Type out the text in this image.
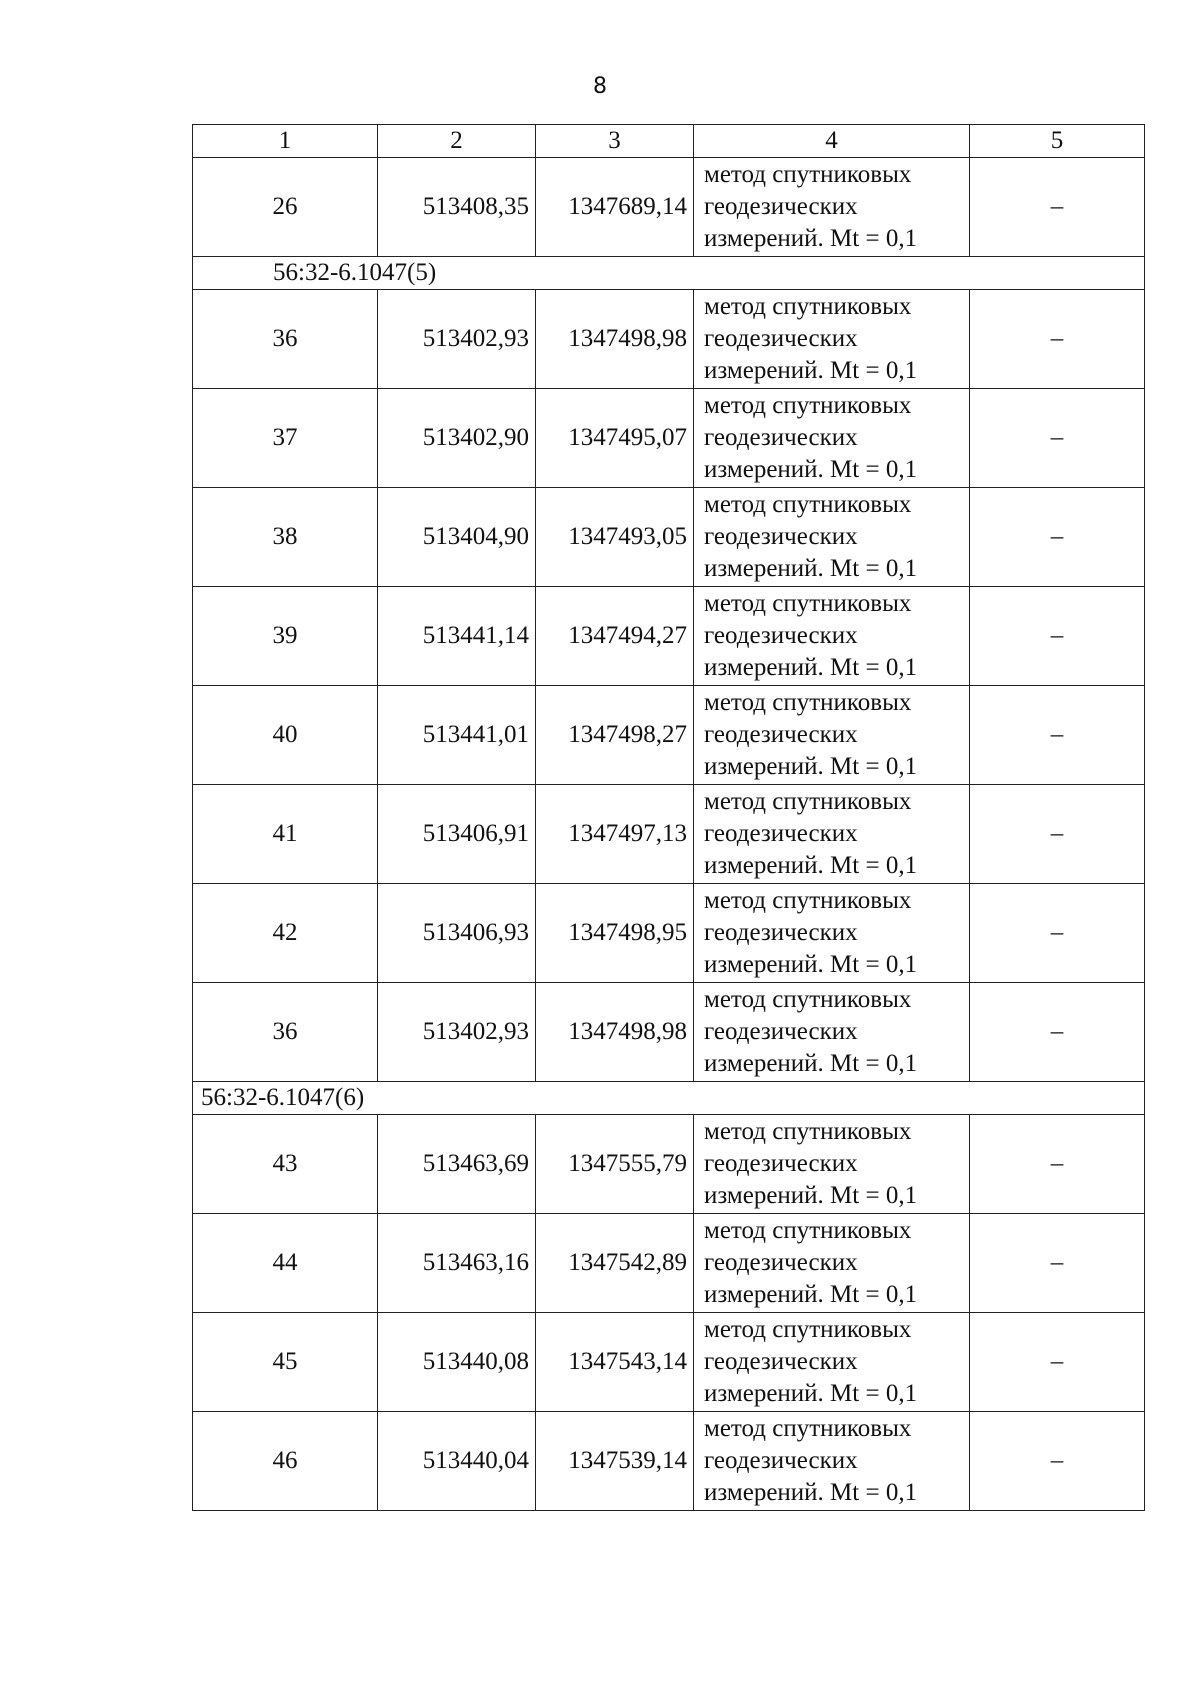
8
1	2	3	4	5
26	513408,35	1347689,14	метод спутниковых
геодезических
измерений. Mt = 0,1	–
56:32-6.1047(5)				
36	513402,93	1347498,98	метод спутниковых
геодезических
измерений. Mt = 0,1	–
37	513402,90	1347495,07	метод спутниковых
геодезических
измерений. Mt = 0,1	–
38	513404,90	1347493,05	метод спутниковых
геодезических
измерений. Mt = 0,1	–
39	513441,14	1347494,27	метод спутниковых
геодезических
измерений. Mt = 0,1	–
40	513441,01	1347498,27	метод спутниковых
геодезических
измерений. Mt = 0,1	–
41	513406,91	1347497,13	метод спутниковых
геодезических
измерений. Mt = 0,1	–
42	513406,93	1347498,95	метод спутниковых
геодезических
измерений. Mt = 0,1	–
36	513402,93	1347498,98	метод спутниковых
геодезических
измерений. Mt = 0,1	–
56:32-6.1047(6)				
43	513463,69	1347555,79	метод спутниковых
геодезических
измерений. Mt = 0,1	–
44	513463,16	1347542,89	метод спутниковых
геодезических
измерений. Mt = 0,1	–
45	513440,08	1347543,14	метод спутниковых
геодезических
измерений. Mt = 0,1	–
46	513440,04	1347539,14	метод спутниковых
геодезических
измерений. Mt = 0,1	–
